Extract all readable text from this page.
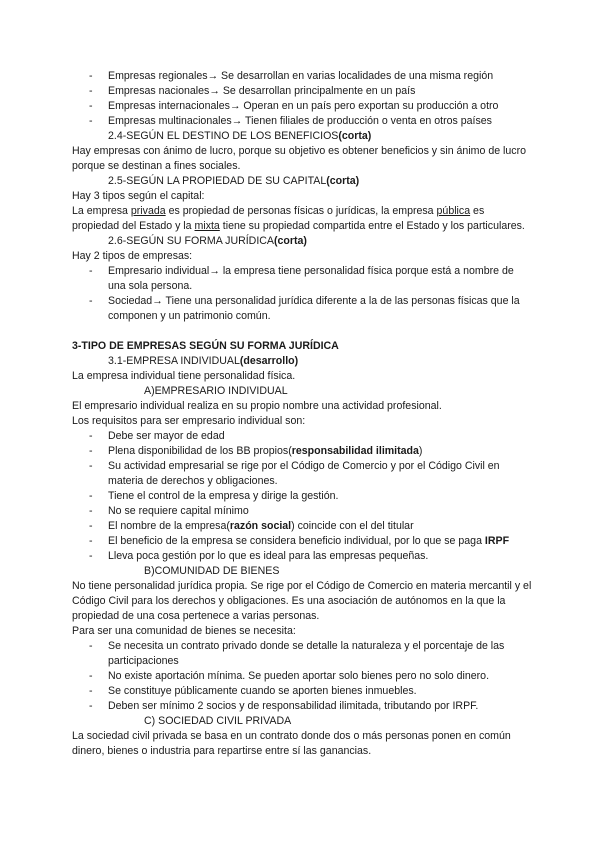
- Empresas regionales→ Se desarrollan en varias localidades de una misma región
- Empresas nacionales→ Se desarrollan principalmente en un país
- Empresas internacionales→ Operan en un país pero exportan su producción a otro
- Empresas multinacionales→ Tienen filiales de producción o venta en otros países

2.4-SEGÚN EL DESTINO DE LOS BENEFICIOS(corta)

Hay empresas con ánimo de lucro, porque su objetivo es obtener beneficios y sin ánimo de lucro porque se destinan a fines sociales.

2.5-SEGÚN LA PROPIEDAD DE SU CAPITAL(corta)

Hay 3 tipos según el capital:

La empresa privada es propiedad de personas físicas o jurídicas, la empresa pública es propiedad del Estado y la mixta tiene su propiedad compartida entre el Estado y los particulares.

2.6-SEGÚN SU FORMA JURÍDICA(corta)

Hay 2 tipos de empresas:

- Empresario individual→ la empresa tiene personalidad física porque está a nombre de una sola persona.
- Sociedad→ Tiene una personalidad jurídica diferente a la de las personas físicas que la componen y un patrimonio común.

3-TIPO DE EMPRESAS SEGÚN SU FORMA JURÍDICA

3.1-EMPRESA INDIVIDUAL(desarrollo)

La empresa individual tiene personalidad física.

A)EMPRESARIO INDIVIDUAL

El empresario individual realiza en su propio nombre una actividad profesional.

Los requisitos para ser empresario individual son:

- Debe ser mayor de edad
- Plena disponibilidad de los BB propios(responsabilidad ilimitada)
- Su actividad empresarial se rige por el Código de Comercio y por el Código Civil en materia de derechos y obligaciones.
- Tiene el control de la empresa y dirige la gestión.
- No se requiere capital mínimo
- El nombre de la empresa(razón social) coincide con el del titular
- El beneficio de la empresa se considera beneficio individual, por lo que se paga IRPF
- Lleva poca gestión por lo que es ideal para las empresas pequeñas.

B)COMUNIDAD DE BIENES

No tiene personalidad jurídica propia. Se rige por el Código de Comercio en materia mercantil y el Código Civil para los derechos y obligaciones. Es una asociación de autónomos en la que la propiedad de una cosa pertenece a varias personas.

Para ser una comunidad de bienes se necesita:

- Se necesita un contrato privado donde se detalle la naturaleza y el porcentaje de las participaciones
- No existe aportación mínima. Se pueden aportar solo bienes pero no solo dinero.
- Se constituye públicamente cuando se aporten bienes inmuebles.
- Deben ser mínimo 2 socios y de responsabilidad ilimitada, tributando por IRPF.

C) SOCIEDAD CIVIL PRIVADA

La sociedad civil privada se basa en un contrato donde dos o más personas ponen en común dinero, bienes o industria para repartirse entre sí las ganancias.
